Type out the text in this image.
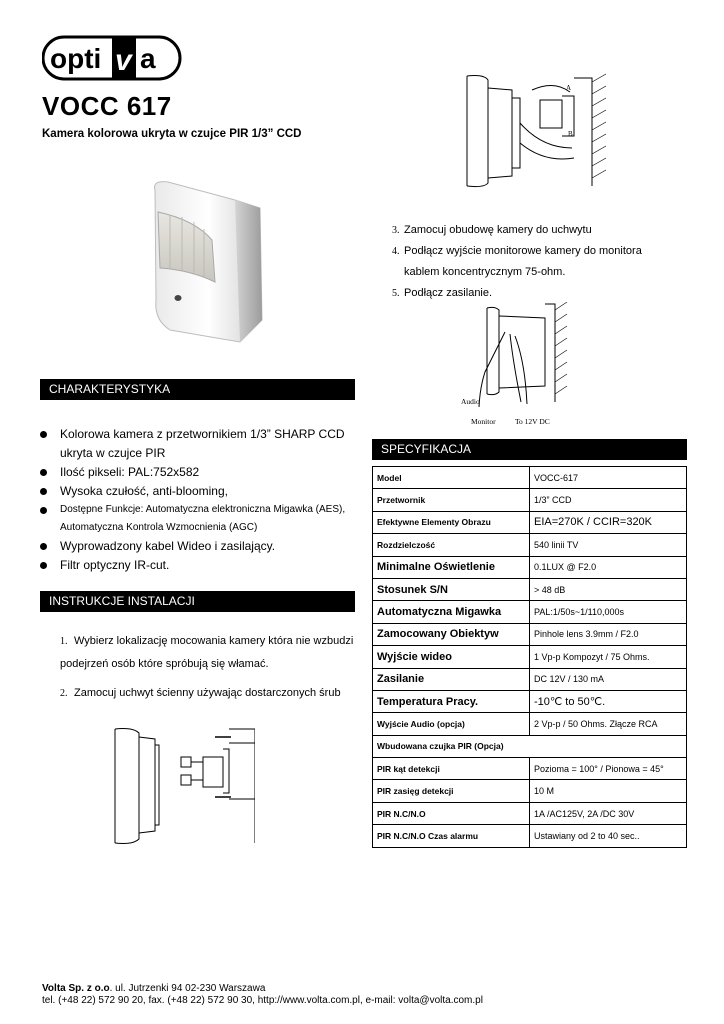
opti v a
VOCC 617
Kamera kolorowa ukryta w czujce PIR 1/3” CCD
A
B
3. Zamocuj obudowę kamery do uchwytu
4. Podłącz wyjście monitorowe kamery do monitora kablem koncentrycznym 75-ohm.
5. Podłącz zasilanie.
Audio
Monitor	To 12V DC
CHARAKTERYSTYKA
Kolorowa kamera z przetwornikiem 1/3” SHARP CCD ukryta w czujce PIR
Ilość pikseli: PAL:752x582
Wysoka czułość, anti-blooming,
Dostępne Funkcje: Automatyczna elektroniczna Migawka (AES), Automatyczna Kontrola Wzmocnienia (AGC)
Wyprowadzony kabel Wideo i zasilający.
Filtr optyczny IR-cut.
INSTRUKCJE INSTALACJI
1. Wybierz lokalizację mocowania kamery która nie wzbudzi podejrzeń osób które spróbują się włamać.
2. Zamocuj uchwyt ścienny używając dostarczonych śrub
SPECYFIKACJA
Model	VOCC-617
Przetwornik	1/3” CCD
Efektywne Elementy Obrazu	EIA=270K / CCIR=320K
Rozdzielczość	540 linii TV
Minimalne Oświetlenie	0.1LUX @ F2.0
Stosunek S/N	> 48 dB
Automatyczna Migawka	PAL:1/50s~1/110,000s
Zamocowany Obiektyw	Pinhole lens 3.9mm / F2.0
Wyjście wideo	1 Vp-p Kompozyt / 75 Ohms.
Zasilanie	DC 12V / 130 mA
Temperatura Pracy.	-10℃ to 50℃.
Wyjście Audio (opcja)	2 Vp-p / 50 Ohms. Złącze RCA
Wbudowana czujka PIR (Opcja)	
PIR kąt detekcji	Pozioma = 100° / Pionowa = 45°
PIR zasięg detekcji	10 M
PIR N.C/N.O	1A /AC125V, 2A /DC 30V
PIR N.C/N.O Czas alarmu	Ustawiany od 2 to 40 sec..
Volta Sp. z o.o. ul. Jutrzenki 94 02-230 Warszawa
tel. (+48 22) 572 90 20, fax. (+48 22) 572 90 30, http://www.volta.com.pl, e-mail: volta@volta.com.pl
